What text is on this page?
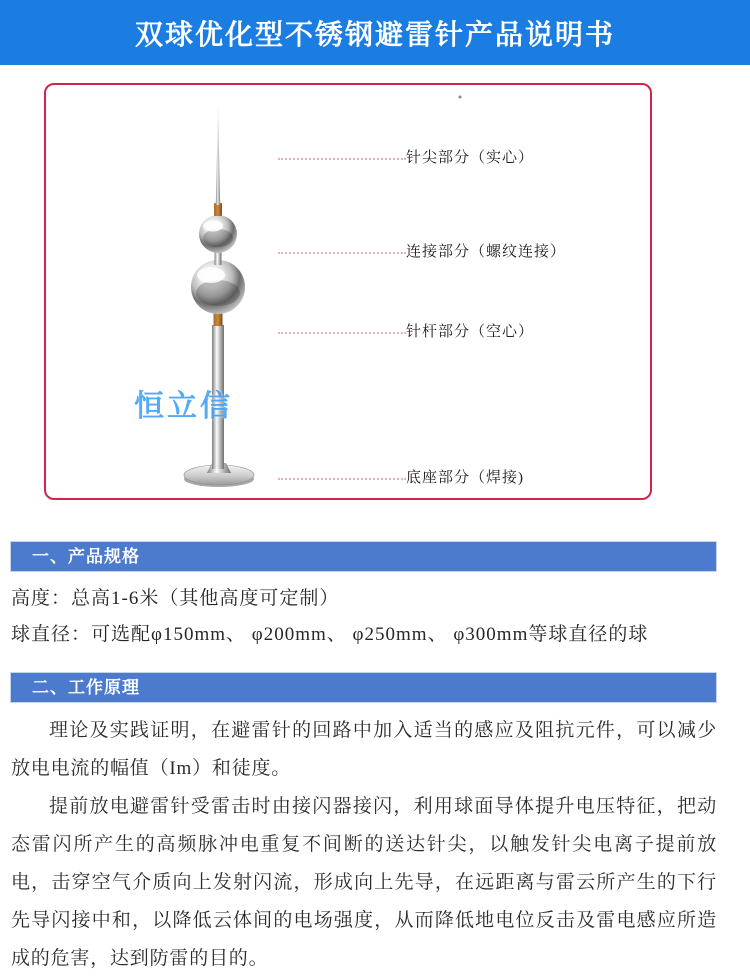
双球优化型不锈钢避雷针产品说明书
恒立信
针尖部分（实心）
连接部分（螺纹连接）
针杆部分（空心）
底座部分（焊接)
一、产品规格
高度：总高1-6米（其他高度可定制）
球直径：可选配φ150mm、 φ200mm、 φ250mm、 φ300mm等球直径的球
二、工作原理

理论及实践证明，在避雷针的回路中加入适当的感应及阻抗元件，可以减少放电电流的幅值（Im）和徒度。

提前放电避雷针受雷击时由接闪器接闪，利用球面导体提升电压特征，把动态雷闪所产生的高频脉冲电重复不间断的送达针尖，以触发针尖电离子提前放电，击穿空气介质向上发射闪流，形成向上先导，在远距离与雷云所产生的下行先导闪接中和，以降低云体间的电场强度，从而降低地电位反击及雷电感应所造成的危害，达到防雷的目的。
